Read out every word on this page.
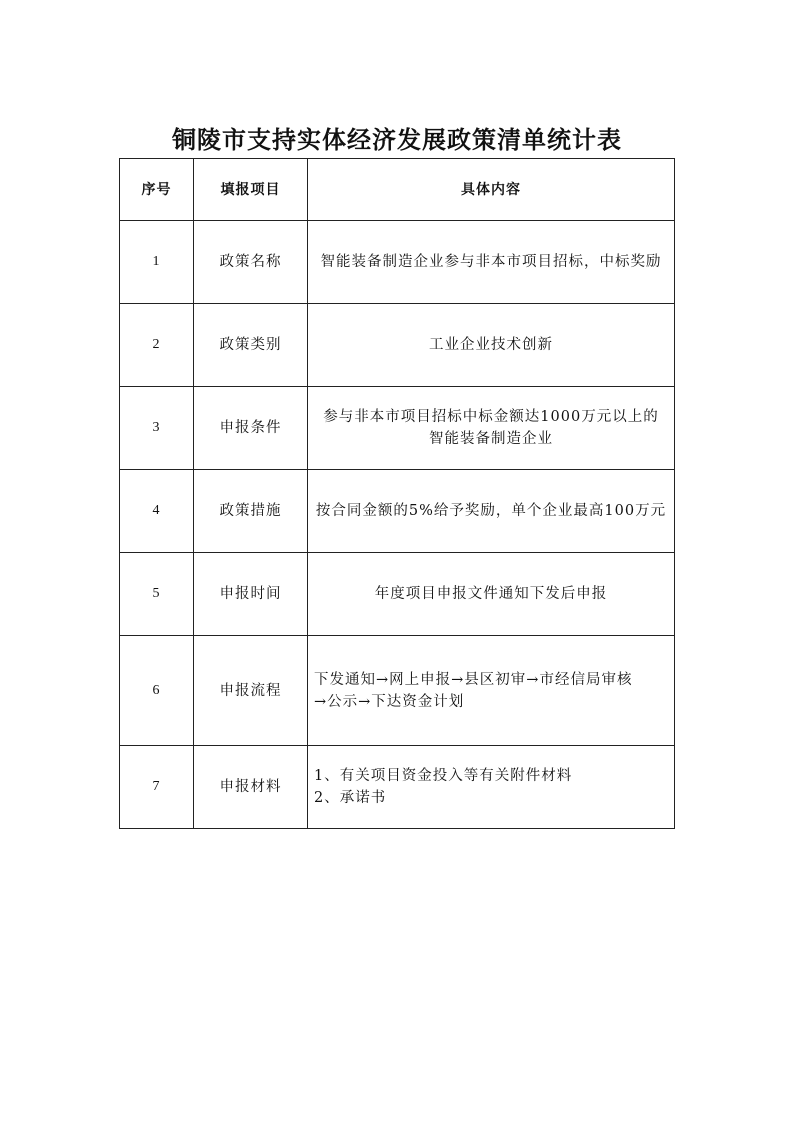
铜陵市支持实体经济发展政策清单统计表
序号	填报项目	具体内容
1	政策名称	智能装备制造企业参与非本市项目招标，中标奖励

2	政策类别	工业企业技术创新

3	申报条件	参与非本市项目招标中标金额达1000万元以上的
智能装备制造企业

4	政策措施	按合同金额的5%给予奖励，单个企业最高100万元

5	申报时间	年度项目申报文件通知下发后申报

6	申报流程	下发通知→网上申报→县区初审→市经信局审核
→公示→下达资金计划

7	申报材料	1、有关项目资金投入等有关附件材料
2、承诺书
